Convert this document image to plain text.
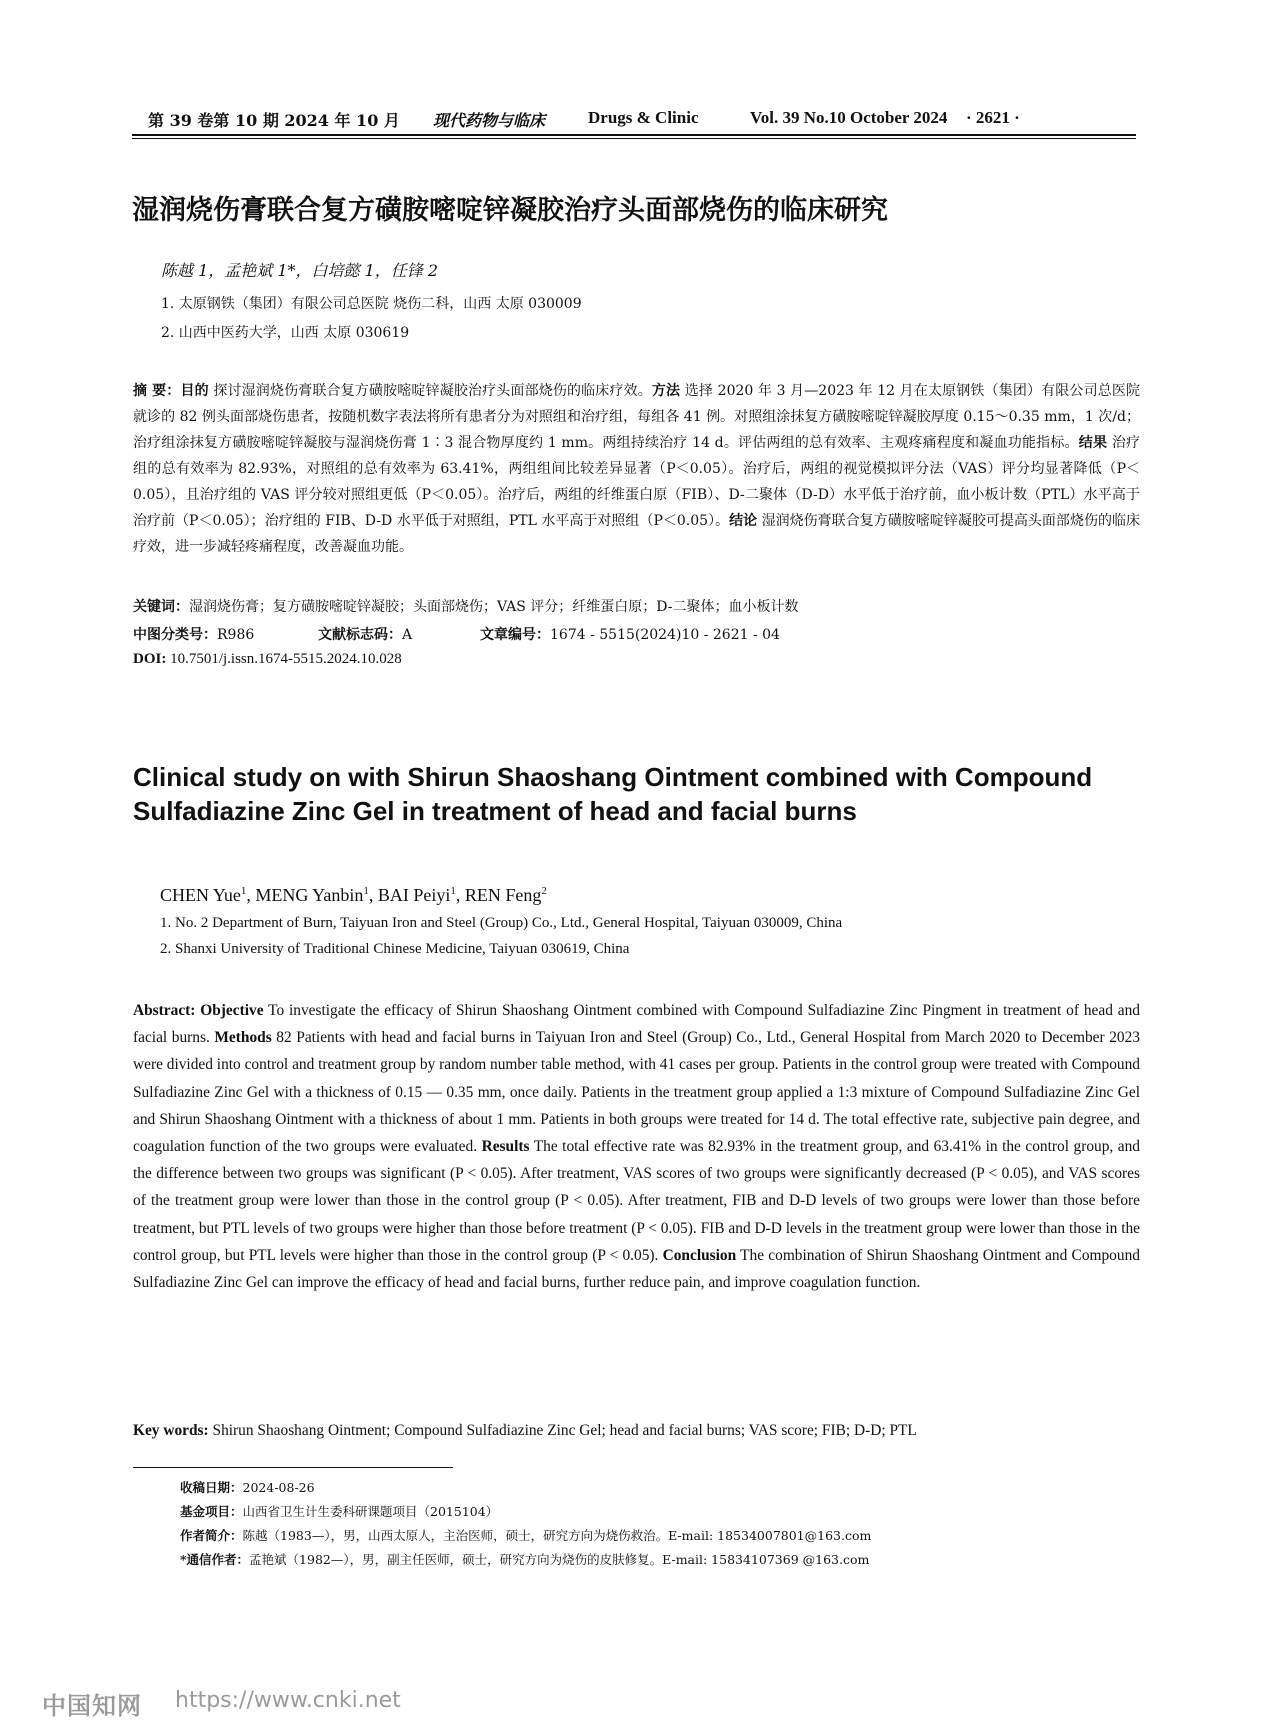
第 39 卷第 10 期 2024 年 10 月 现代药物与临床	Drugs & Clinic	Vol. 39 No.10 October 2024 · 2621 ·
湿润烧伤膏联合复方磺胺嘧啶锌凝胶治疗头面部烧伤的临床研究
陈越 1，孟艳斌 1*，白培懿 1，任锋 2
1. 太原钢铁（集团）有限公司总医院 烧伤二科，山西 太原 030009
2. 山西中医药大学，山西 太原 030619
摘 要：目的 探讨湿润烧伤膏联合复方磺胺嘧啶锌凝胶治疗头面部烧伤的临床疗效。方法 选择 2020 年 3 月—2023 年 12 月在太原钢铁（集团）有限公司总医院就诊的 82 例头面部烧伤患者，按随机数字表法将所有患者分为对照组和治疗组，每组各 41 例。对照组涂抹复方磺胺嘧啶锌凝胶厚度 0.15～0.35 mm，1 次/d；治疗组涂抹复方磺胺嘧啶锌凝胶与湿润烧伤膏 1∶3 混合物厚度约 1 mm。两组持续治疗 14 d。评估两组的总有效率、主观疼痛程度和凝血功能指标。结果 治疗组的总有效率为 82.93%，对照组的总有效率为 63.41%，两组组间比较差异显著（P＜0.05）。治疗后，两组的视觉模拟评分法（VAS）评分均显著降低（P＜0.05），且治疗组的 VAS 评分较对照组更低（P＜0.05）。治疗后，两组的纤维蛋白原（FIB）、D-二聚体（D-D）水平低于治疗前，血小板计数（PTL）水平高于治疗前（P＜0.05）；治疗组的 FIB、D-D 水平低于对照组，PTL 水平高于对照组（P＜0.05）。结论 湿润烧伤膏联合复方磺胺嘧啶锌凝胶可提高头面部烧伤的临床疗效，进一步减轻疼痛程度，改善凝血功能。
关键词：湿润烧伤膏；复方磺胺嘧啶锌凝胶；头面部烧伤；VAS 评分；纤维蛋白原；D-二聚体；血小板计数
中图分类号：R986	文献标志码：A	文章编号：1674 - 5515(2024)10 - 2621 - 04
DOI: 10.7501/j.issn.1674-5515.2024.10.028
Clinical study on with Shirun Shaoshang Ointment combined with Compound Sulfadiazine Zinc Gel in treatment of head and facial burns
CHEN Yue$^1$, MENG Yanbin$^1$, BAI Peiyi$^1$, REN Feng$^2$
1. No. 2 Department of Burn, Taiyuan Iron and Steel (Group) Co., Ltd., General Hospital, Taiyuan 030009, China
2. Shanxi University of Traditional Chinese Medicine, Taiyuan 030619, China
Abstract: Objective To investigate the efficacy of Shirun Shaoshang Ointment combined with Compound Sulfadiazine Zinc Pingment in treatment of head and facial burns. Methods 82 Patients with head and facial burns in Taiyuan Iron and Steel (Group) Co., Ltd., General Hospital from March 2020 to December 2023 were divided into control and treatment group by random number table method, with 41 cases per group. Patients in the control group were treated with Compound Sulfadiazine Zinc Gel with a thickness of 0.15 — 0.35 mm, once daily. Patients in the treatment group applied a 1:3 mixture of Compound Sulfadiazine Zinc Gel and Shirun Shaoshang Ointment with a thickness of about 1 mm. Patients in both groups were treated for 14 d. The total effective rate, subjective pain degree, and coagulation function of the two groups were evaluated. Results The total effective rate was 82.93% in the treatment group, and 63.41% in the control group, and the difference between two groups was significant (P < 0.05). After treatment, VAS scores of two groups were significantly decreased (P < 0.05), and VAS scores of the treatment group were lower than those in the control group (P < 0.05). After treatment, FIB and D-D levels of two groups were lower than those before treatment, but PTL levels of two groups were higher than those before treatment (P < 0.05). FIB and D-D levels in the treatment group were lower than those in the control group, but PTL levels were higher than those in the control group (P < 0.05). Conclusion The combination of Shirun Shaoshang Ointment and Compound Sulfadiazine Zinc Gel can improve the efficacy of head and facial burns, further reduce pain, and improve coagulation function.
Key words: Shirun Shaoshang Ointment; Compound Sulfadiazine Zinc Gel; head and facial burns; VAS score; FIB; D-D; PTL
收稿日期：2024-08-26
基金项目：山西省卫生计生委科研课题项目（2015104）
作者简介：陈越（1983—），男，山西太原人，主治医师，硕士，研究方向为烧伤救治。E-mail: 18534007801@163.com
*通信作者：孟艳斌（1982—），男，副主任医师，硕士，研究方向为烧伤的皮肤修复。E-mail: 15834107369 @163.com
中国知网 https://www.cnki.net
